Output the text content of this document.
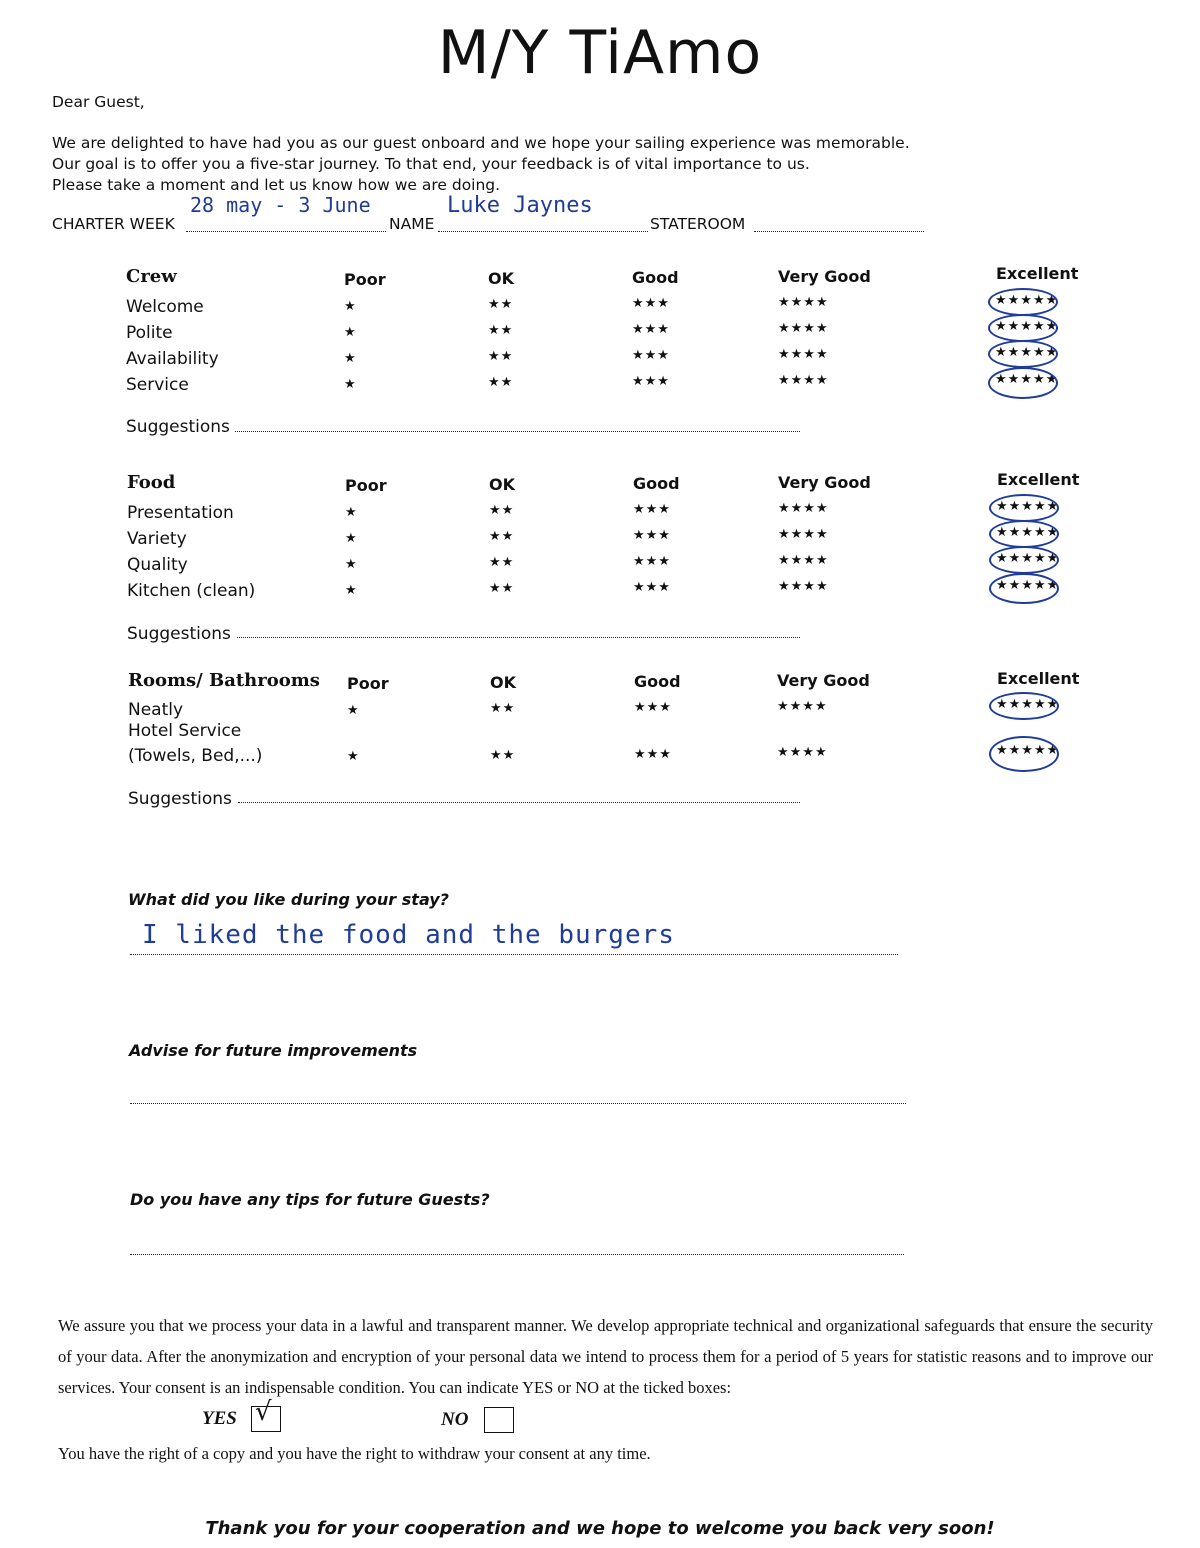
M/Y TiAmo
Dear Guest,
We are delighted to have had you as our guest onboard and we hope your sailing experience was memorable.
Our goal is to offer you a five-star journey. To that end, your feedback is of vital importance to us.
Please take a moment and let us know how we are doing.
CHARTER WEEK
28 may - 3 June
NAME
Luke Jaynes
STATEROOM
Crew	Poor	OK	Good	Very Good	Excellent
Welcome	★	★★	★★★	★★★★	★★★★★
Polite	★	★★	★★★	★★★★	★★★★★
Availability	★	★★	★★★	★★★★	★★★★★
Service	★	★★	★★★	★★★★	★★★★★
Suggestions
Food	Poor	OK	Good	Very Good	Excellent
Presentation	★	★★	★★★	★★★★	★★★★★
Variety	★	★★	★★★	★★★★	★★★★★
Quality	★	★★	★★★	★★★★	★★★★★
Kitchen (clean)	★	★★	★★★	★★★★	★★★★★
Suggestions
Rooms/ Bathrooms Poor	OK	Good	Very Good	Excellent
Neatly	★	★★	★★★	★★★★	★★★★★
Hotel Service
(Towels, Bed,...)	★	★★	★★★	★★★★	★★★★★
Suggestions
What did you like during your stay?
I liked the food and the burgers
Advise for future improvements
Do you have any tips for future Guests?
We assure you that we process your data in a lawful and transparent manner. We develop appropriate technical and organizational safeguards that ensure the security of your data. After the anonymization and encryption of your personal data we intend to process them for a period of 5 years for statistic reasons and to improve our services. Your consent is an indispensable condition. You can indicate YES or NO at the ticked boxes:
YES √	NO
You have the right of a copy and you have the right to withdraw your consent at any time.
Thank you for your cooperation and we hope to welcome you back very soon!
